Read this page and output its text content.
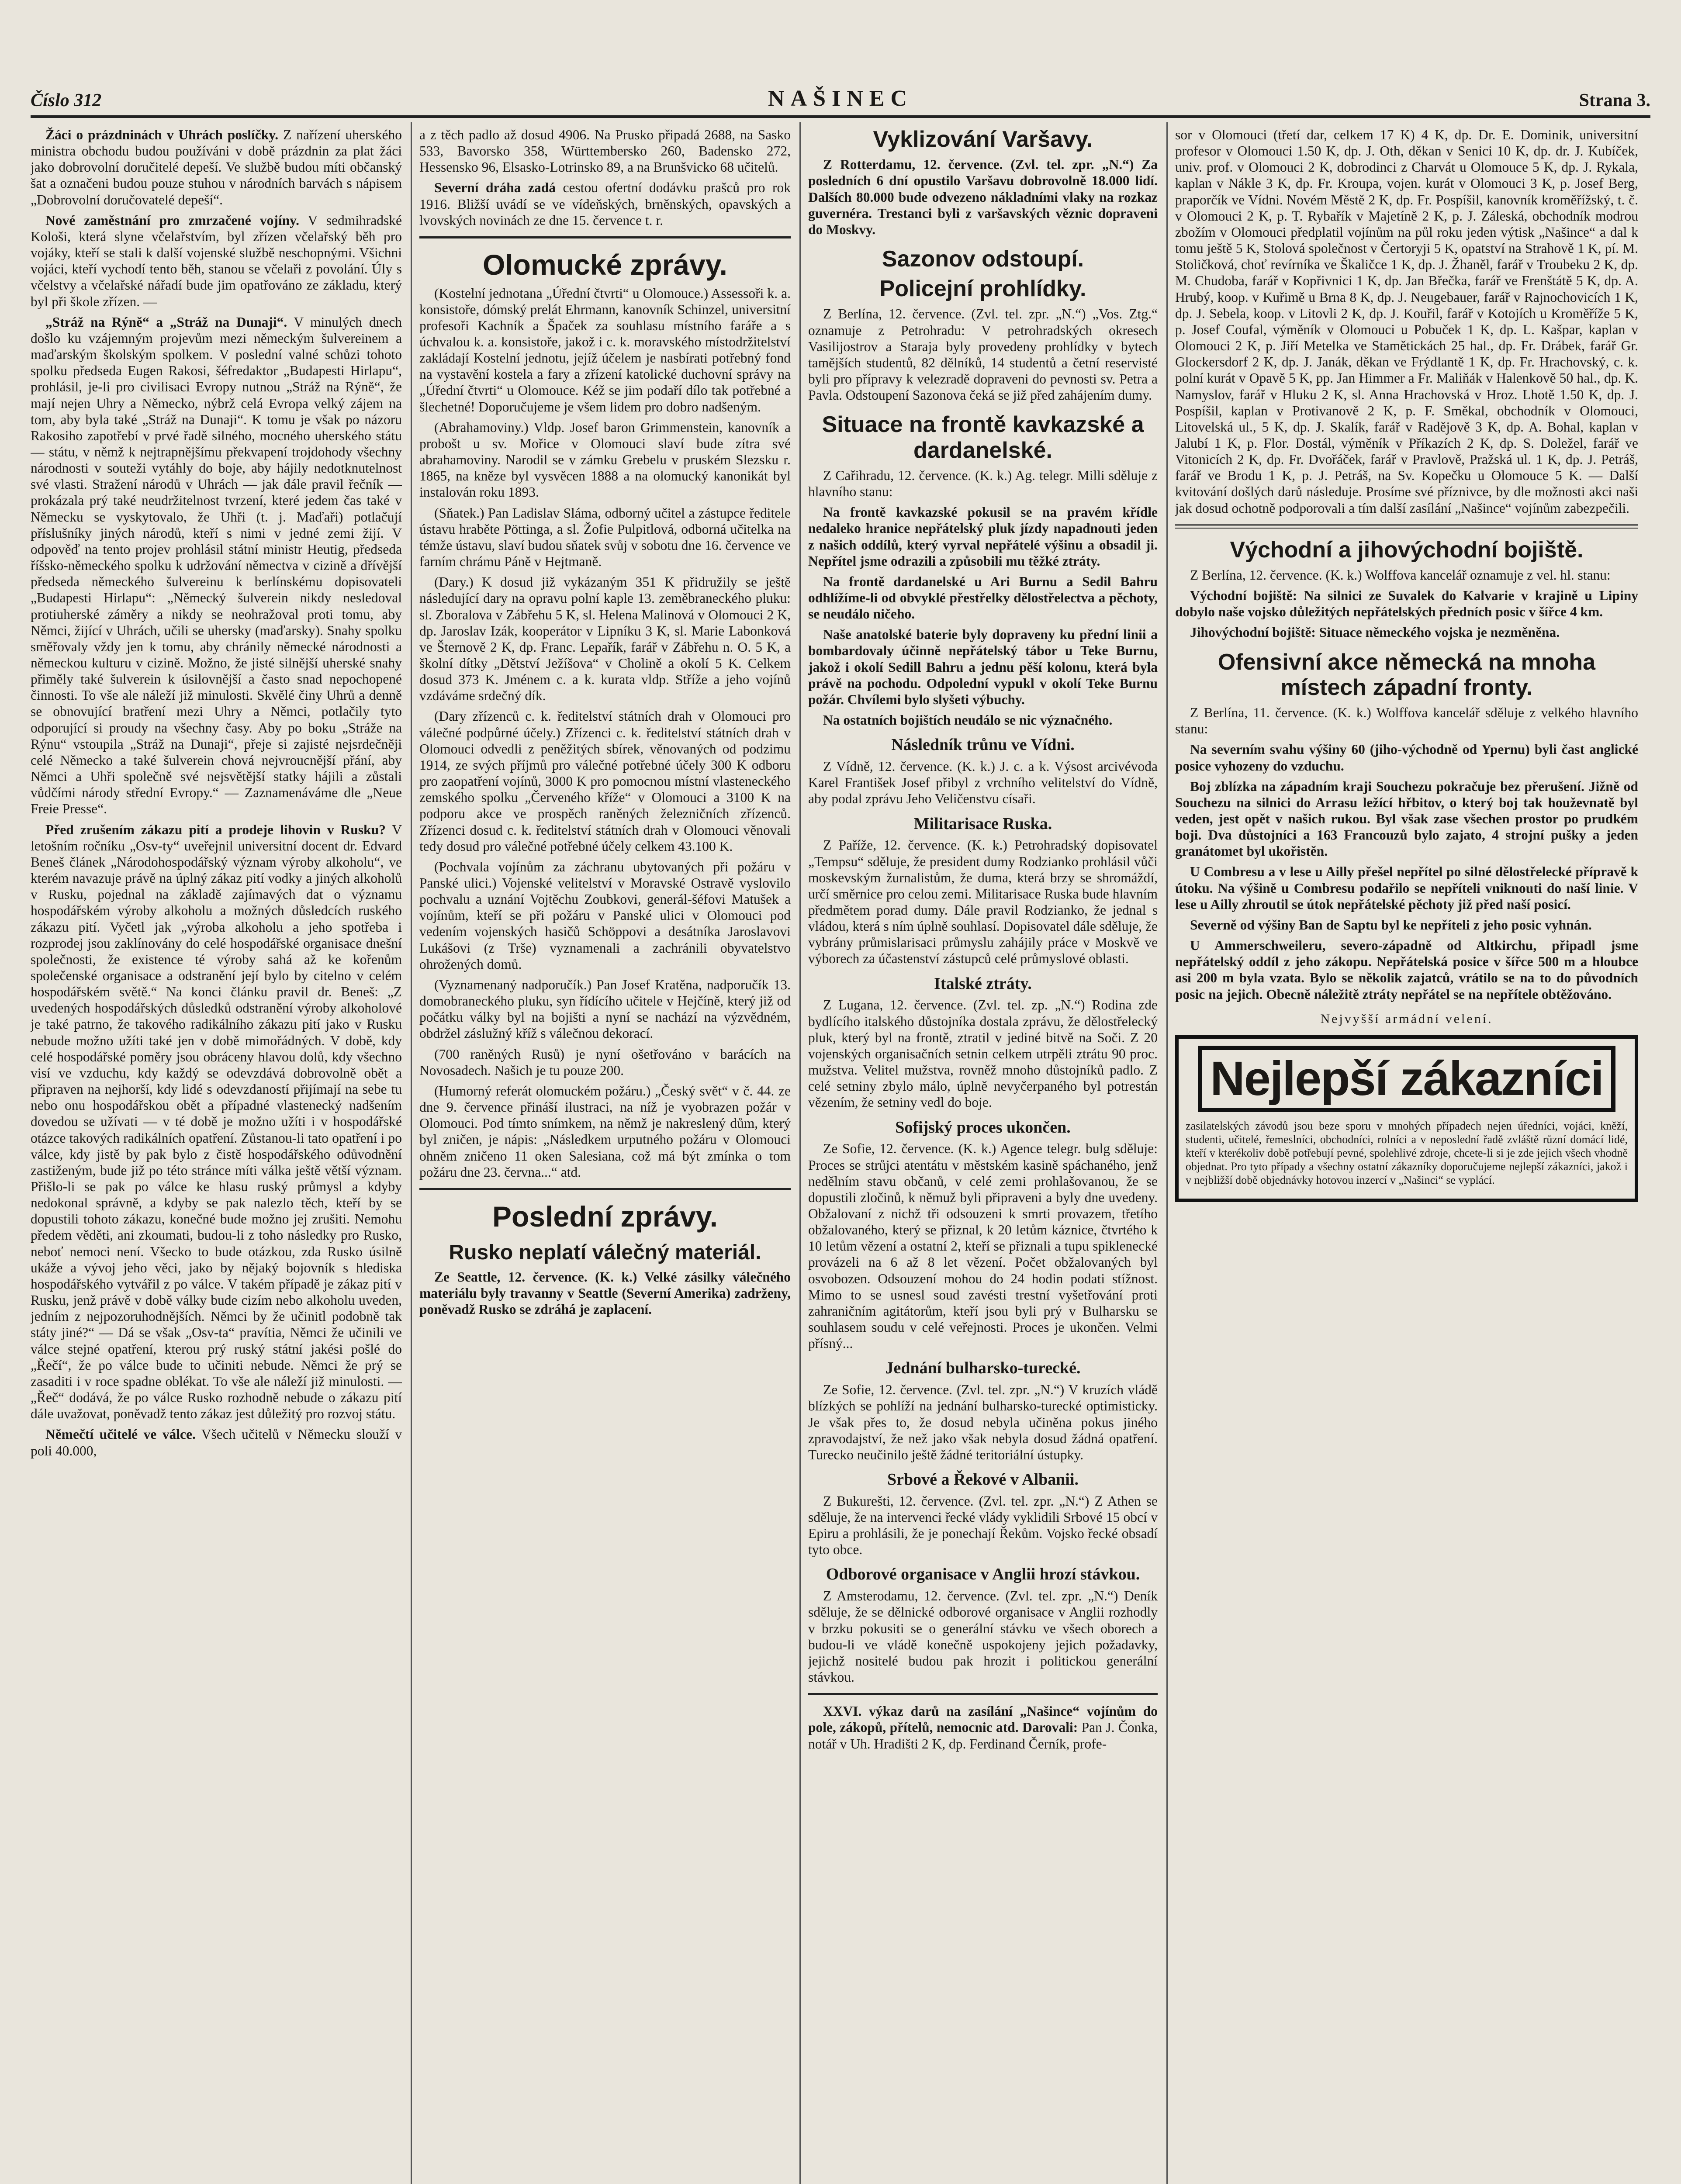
Číslo 312	NAŠINEC	Strana 3.

Žáci o prázdninách v Uhrách poslíčky. Z nařízení uherského ministra obchodu budou používáni v době prázdnin za plat žáci jako dobrovolní doručitelé depeší. Ve službě budou míti občanský šat a označeni budou pouze stuhou v národních barvách s nápisem „Dobrovolní doručovatelé depeší“.

Nové zaměstnání pro zmrzačené vojíny. V sedmihradské Kološi, která slyne včelařstvím, byl zřízen včelařský běh pro vojáky, kteří se stali k další vojenské službě neschopnými. Všichni vojáci, kteří vychodí tento běh, stanou se včelaři z povolání. Úly s včelstvy a včelařské nářadí bude jim opatřováno ze základu, který byl při škole zřízen. —

„Stráž na Rýně“ a „Stráž na Dunaji“. V minulých dnech došlo ku vzájemným projevům mezi německým šulvereinem a maďarským školským spolkem. V poslední valné schůzi tohoto spolku předseda Eugen Rakosi, šéfredaktor „Budapesti Hirlapu“, prohlásil, je-li pro civilisaci Evropy nutnou „Stráž na Rýně“, že mají nejen Uhry a Německo, nýbrž celá Evropa velký zájem na tom, aby byla také „Stráž na Dunaji“. K tomu je však po názoru Rakosiho zapotřebí v prvé řadě silného, mocného uherského státu — státu, v němž k nejtrapnějšímu překvapení trojdohody všechny národnosti v souteži vytáhly do boje, aby hájily nedotknutelnost své vlasti. Stražení národů v Uhrách — jak dále pravil řečník — prokázala prý také neudržitelnost tvrzení, které jedem čas také v Německu se vyskytovalo, že Uhři (t. j. Maďaři) potlačují příslušníky jiných národů, kteří s nimi v jedné zemi žijí. V odpověď na tento projev prohlásil státní ministr Heutig, předseda říšsko-německého spolku k udržování němectva v cizině a dřívější předseda německého šulvereinu k berlínskému dopisovateli „Budapesti Hirlapu“: „Německý šulverein nikdy nesledoval protiuherské záměry a nikdy se neohražoval proti tomu, aby Němci, žijící v Uhrách, učili se uhersky (maďarsky). Snahy spolku směřovaly vždy jen k tomu, aby chránily německé národnosti a německou kulturu v cizině. Možno, že jisté silnější uherské snahy přiměly také šulverein k úsilovnější a často snad nepochopené činnosti. To vše ale náleží již minulosti. Skvělé činy Uhrů a denně se obnovující bratření mezi Uhry a Němci, potlačily tyto odporující si proudy na všechny časy. Aby po boku „Stráže na Rýnu“ vstoupila „Stráž na Dunaji“, přeje si zajisté nejsrdečněji celé Německo a také šulverein chová nejvroucnější přání, aby Němci a Uhři společně své nejsvětější statky hájili a zůstali vůdčími národy střední Evropy.“ — Zaznamenáváme dle „Neue Freie Presse“.

Před zrušením zákazu pití a prodeje lihovin v Rusku? V letošním ročníku „Osv-ty“ uveřejnil universitní docent dr. Edvard Beneš článek „Národohospodářský význam výroby alkoholu“, ve kterém navazuje právě na úplný zákaz pití vodky a jiných alkoholů v Rusku, pojednal na základě zajímavých dat o významu hospodářském výroby alkoholu a možných důsledcích ruského zákazu pití. Vyčetl jak „výroba alkoholu a jeho spotřeba i rozprodej jsou zaklínovány do celé hospodářské organisace dnešní společnosti, že existence té výroby sahá až ke kořenům společenské organisace a odstranění její bylo by citelno v celém hospodářském světě.“ Na konci článku pravil dr. Beneš: „Z uvedených hospodářských důsledků odstranění výroby alkoholové je také patrno, že takového radikálního zákazu pití jako v Rusku nebude možno užíti také jen v době mimořádných. V době, kdy celé hospodářské poměry jsou obráceny hlavou dolů, kdy všechno visí ve vzduchu, kdy každý se odevzdává dobrovolně obět a připraven na nejhorší, kdy lidé s odevzdaností přijímají na sebe tu nebo onu hospodářskou obět a případné vlastenecký nadšením dovedou se užívati — v té době je možno užíti i v hospodářské otázce takových radikálních opatření. Zůstanou-li tato opatření i po válce, kdy jistě by pak bylo z čistě hospodářského odůvodnění zastiženým, bude již po této stránce míti válka ještě větší význam. Přišlo-li se pak po válce ke hlasu ruský průmysl a kdyby nedokonal správně, a kdyby se pak nalezlo těch, kteří by se dopustili tohoto zákazu, konečné bude možno jej zrušiti. Nemohu předem věděti, ani zkoumati, budou-li z toho následky pro Rusko, neboť nemoci není. Všecko to bude otázkou, zda Rusko úsilně ukáže a vývoj jeho věci, jako by nějaký bojovník s hlediska hospodářského vytvářil z po válce. V takém případě je zákaz pití v Rusku, jenž právě v době války bude cizím nebo alkoholu uveden, jedním z nejpozoruhodnějších. Němci by že učinitl podobně tak státy jiné?“ — Dá se však „Osv-ta“ pravítia, Němci že učinili ve válce stejné opatření, kterou prý ruský státní jakési pošlé do „Řečí“, že po válce bude to učiniti nebude. Němci že prý se zasaditi i v roce spadne oblékat. To vše ale náleží již minulosti. — „Řeč“ dodává, že po válce Rusko rozhodně nebude o zákazu pití dále uvažovat, poněvadž tento zákaz jest důležitý pro rozvoj státu.

Němečtí učitelé ve válce. Všech učitelů v Německu slouží v poli 40.000,

a z těch padlo až dosud 4906. Na Prusko připadá 2688, na Sasko 533, Bavorsko 358, Württembersko 260, Badensko 272, Hessensko 96, Elsasko-Lotrinsko 89, a na Brunšvicko 68 učitelů.

Severní dráha zadá cestou ofertní dodávku prašců pro rok 1916. Bližší uvádí se ve vídeňských, brněnských, opavských a lvovských novinách ze dne 15. července t. r.

Olomucké zprávy.

(Kostelní jednotana „Úřední čtvrti“ u Olomouce.) Assessoři k. a. konsistoře, dómský prelát Ehrmann, kanovník Schinzel, universitní profesoři Kachník a Špaček za souhlasu místního faráře a s úchvalou k. a. konsistoře, jakož i c. k. moravského místodržitelství zakládají Kostelní jednotu, jejíž účelem je nasbírati potřebný fond na vystavění kostela a fary a zřízení katolické duchovní správy na „Úřední čtvrti“ u Olomouce. Kéž se jim podaří dílo tak potřebné a šlechetné! Doporučujeme je všem lidem pro dobro nadšeným.

(Abrahamoviny.) Vldp. Josef baron Grimmenstein, kanovník a probošt u sv. Mořice v Olomouci slaví bude zítra své abrahamoviny. Narodil se v zámku Grebelu v pruském Slezsku r. 1865, na kněze byl vysvěcen 1888 a na olomucký kanonikát byl instalován roku 1893.

(Sňatek.) Pan Ladislav Sláma, odborný učitel a zástupce ředitele ústavu hraběte Pöttinga, a sl. Žofie Pulpitlová, odborná učitelka na témže ústavu, slaví budou sňatek svůj v sobotu dne 16. července ve farním chrámu Páně v Hejtmaně.

(Dary.) K dosud již vykázaným 351 K přidružily se ještě následující dary na opravu polní kaple 13. zeměbraneckého pluku: sl. Zboralova v Zábřehu 5 K, sl. Helena Malinová v Olomouci 2 K, dp. Jaroslav Izák, kooperátor v Lipníku 3 K, sl. Marie Labonková ve Šternově 2 K, dp. Franc. Lepařík, farář v Zábřehu n. O. 5 K, a školní dítky „Dětství Ježíšova“ v Cholině a okolí 5 K. Celkem dosud 373 K. Jménem c. a k. kurata vldp. Stříže a jeho vojínů vzdáváme srdečný dík.

(Dary zřízenců c. k. ředitelství státních drah v Olomouci pro válečné podpůrné účely.) Zřízenci c. k. ředitelství státních drah v Olomouci odvedli z peněžitých sbírek, věnovaných od podzimu 1914, ze svých příjmů pro válečné potřebné účely 300 K odboru pro zaopatření vojínů, 3000 K pro pomocnou místní vlasteneckého zemského spolku „Červeného kříže“ v Olomouci a 3100 K na podporu akce ve prospěch raněných železničních zřízenců. Zřízenci dosud c. k. ředitelství státních drah v Olomouci věnovali tedy dosud pro válečné potřebné účely celkem 43.100 K.

(Pochvala vojínům za záchranu ubytovaných při požáru v Panské ulici.) Vojenské velitelství v Moravské Ostravě vyslovilo pochvalu a uznání Vojtěchu Zoubkovi, generál-šéfovi Matušek a vojínům, kteří se při požáru v Panské ulici v Olomouci pod vedením vojenských hasičů Schöppovi a desátníka Jaroslavovi Lukášovi (z Trše) vyznamenali a zachránili obyvatelstvo ohrožených domů.

(Vyznamenaný nadporučík.) Pan Josef Kratěna, nadporučík 13. domobraneckého pluku, syn řídícího učitele v Hejčíně, který již od počátku války byl na bojišti a nyní se nachází na výzvědném, obdržel záslužný kříž s válečnou dekorací.

(700 raněných Rusů) je nyní ošetřováno v barácích na Novosadech. Našich je tu pouze 200.

(Humorný referát olomuckém požáru.) „Český svět“ v č. 44. ze dne 9. července přináší ilustraci, na níž je vyobrazen požár v Olomouci. Pod tímto snímkem, na němž je nakreslený dům, který byl zničen, je nápis: „Následkem urputného požáru v Olomouci ohněm zničeno 11 oken Salesiana, což má být zmínka o tom požáru dne 23. června...“ atd.

Poslední zprávy.
Rusko neplatí válečný materiál.

Ze Seattle, 12. července. (K. k.) Velké zásilky válečného materiálu byly travanny v Seattle (Severní Amerika) zadrženy, poněvadž Rusko se zdráhá je zaplacení.

Vyklizování Varšavy.

Z Rotterdamu, 12. července. (Zvl. tel. zpr. „N.“) Za posledních 6 dní opustilo Varšavu dobrovolně 18.000 lidí. Dalších 80.000 bude odvezeno nákladními vlaky na rozkaz guvernéra. Trestanci byli z varšavských věznic dopraveni do Moskvy.

Sazonov odstoupí.
Policejní prohlídky.

Z Berlína, 12. července. (Zvl. tel. zpr. „N.“) „Vos. Ztg.“ oznamuje z Petrohradu: V petrohradských okresech Vasilijostrov a Staraja byly provedeny prohlídky v bytech tamějších studentů, 82 dělníků, 14 studentů a četní reservisté byli pro přípravy k velezradě dopraveni do pevnosti sv. Petra a Pavla. Odstoupení Sazonova čeká se již před zahájením dumy.

Situace na frontě kavkazské a dardanelské.

Z Cařihradu, 12. července. (K. k.) Ag. telegr. Milli sděluje z hlavního stanu:

Na frontě kavkazské pokusil se na pravém křídle nedaleko hranice nepřátelský pluk jízdy napadnouti jeden z našich oddílů, který vyrval nepřátelé výšinu a obsadil ji. Nepřítel jsme odrazili a způsobili mu těžké ztráty.

Na frontě dardanelské u Ari Burnu a Sedil Bahru odhlížíme-li od obvyklé přestřelky dělostřelectva a pěchoty, se neudálo ničeho.

Naše anatolské baterie byly dopraveny ku přední linii a bombardovaly účinně nepřátelský tábor u Teke Burnu, jakož i okolí Sedill Bahru a jednu pěší kolonu, která byla právě na pochodu. Odpolední vypukl v okolí Teke Burnu požár. Chvílemi bylo slyšeti výbuchy.

Na ostatních bojištích neudálo se nic význačného.

Následník trůnu ve Vídni.

Z Vídně, 12. července. (K. k.) J. c. a k. Výsost arcivévoda Karel František Josef přibyl z vrchního velitelství do Vídně, aby podal zprávu Jeho Veličenstvu císaři.

Militarisace Ruska.

Z Paříže, 12. července. (K. k.) Petrohradský dopisovatel „Tempsu“ sděluje, že president dumy Rodzianko prohlásil vůči moskevským žurnalistům, že duma, která brzy se shromáždí, určí směrnice pro celou zemi. Militarisace Ruska bude hlavním předmětem porad dumy. Dále pravil Rodzianko, že jednal s vládou, která s ním úplně souhlasí. Dopisovatel dále sděluje, že vybrány průmislarisaci průmyslu zahájily práce v Moskvě ve výborech za účastenství zástupců celé průmyslové oblasti.

Italské ztráty.

Z Lugana, 12. července. (Zvl. tel. zp. „N.“) Rodina zde bydlícího italského důstojníka dostala zprávu, že dělostřelecký pluk, který byl na frontě, ztratil v jediné bitvě na Soči. Z 20 vojenských organisačních setnin celkem utrpěli ztrátu 90 proc. mužstva. Velitel mužstva, rovněž mnoho důstojníků padlo. Z celé setniny zbylo málo, úplně nevyčerpaného byl potrestán vězením, že setniny vedl do boje.

Sofijský proces ukončen.

Ze Sofie, 12. července. (K. k.) Agence telegr. bulg sděluje: Proces se strůjci atentátu v městském kasině spáchaného, jenž nedělním stavu občanů, v celé zemi prohlašovanou, že se dopustili zločinů, k němuž byli připraveni a byly dne uvedeny. Obžalovaní z nichž tři odsouzeni k smrti provazem, třetího obžalovaného, který se přiznal, k 20 letům káznice, čtvrtého k 10 letům vězení a ostatní 2, kteří se přiznali a tupu spiklenecké provázeli na 6 až 8 let vězení. Počet obžalovaných byl osvobozen. Odsouzení mohou do 24 hodin podati stížnost. Mimo to se usnesl soud zavésti trestní vyšetřování proti zahraničním agitátorům, kteří jsou byli prý v Bulharsku se souhlasem soudu v celé veřejnosti. Proces je ukončen. Velmi přísný...

Jednání bulharsko-turecké.

Ze Sofie, 12. července. (Zvl. tel. zpr. „N.“) V kruzích vládě blízkých se pohlíží na jednání bulharsko-turecké optimisticky. Je však přes to, že dosud nebyla učiněna pokus jiného zpravodajství, že než jako však nebyla dosud žádná opatření. Turecko neučinilo ještě žádné teritoriální ústupky.

Srbové a Řekové v Albanii.

Z Bukurešti, 12. července. (Zvl. tel. zpr. „N.“) Z Athen se sděluje, že na intervenci řecké vlády vyklidili Srbové 15 obcí v Epiru a prohlásili, že je ponechají Řekům. Vojsko řecké obsadí tyto obce.

Odborové organisace v Anglii hrozí stávkou.

Z Amsterodamu, 12. července. (Zvl. tel. zpr. „N.“) Deník sděluje, že se dělnické odborové organisace v Anglii rozhodly v brzku pokusiti se o generální stávku ve všech oborech a budou-li ve vládě konečně uspokojeny jejich požadavky, jejichž nositelé budou pak hrozit i politickou generální stávkou.

XXVI. výkaz darů na zasílání „Našince“ vojínům do pole, zákopů, přítelů, nemocnic atd. Darovali: Pan J. Čonka, notář v Uh. Hradišti 2 K, dp. Ferdinand Černík, profe-

sor v Olomouci (třetí dar, celkem 17 K) 4 K, dp. Dr. E. Dominik, universitní profesor v Olomouci 1.50 K, dp. J. Oth, děkan v Senici 10 K, dp. dr. J. Kubíček, univ. prof. v Olomouci 2 K, dobrodinci z Charvát u Olomouce 5 K, dp. J. Rykala, kaplan v Nákle 3 K, dp. Fr. Kroupa, vojen. kurát v Olomouci 3 K, p. Josef Berg, praporčík ve Vídni. Novém Městě 2 K, dp. Fr. Pospíšil, kanovník kroměřížský, t. č. v Olomouci 2 K, p. T. Rybařík v Majetíně 2 K, p. J. Záleská, obchodník modrou zbožím v Olomouci předplatil vojínům na půl roku jeden výtisk „Našince“ a dal k tomu ještě 5 K, Stolová společnost v Čertoryji 5 K, opatství na Strahově 1 K, pí. M. Stoličková, choť revírníka ve Škaličce 1 K, dp. J. Žhaněl, farář v Troubeku 2 K, dp. M. Chudoba, farář v Kopřivnici 1 K, dp. Jan Břečka, farář ve Frenštátě 5 K, dp. A. Hrubý, koop. v Kuřimě u Brna 8 K, dp. J. Neugebauer, farář v Rajnochovicích 1 K, dp. J. Sebela, koop. v Litovli 2 K, dp. J. Kouřil, farář v Kotojích u Kroměříže 5 K, p. Josef Coufal, výměník v Olomouci u Pobuček 1 K, dp. L. Kašpar, kaplan v Olomouci 2 K, p. Jiří Metelka ve Stamětickách 25 hal., dp. Fr. Drábek, farář Gr. Glockersdorf 2 K, dp. J. Janák, děkan ve Frýdlantě 1 K, dp. Fr. Hrachovský, c. k. polní kurát v Opavě 5 K, pp. Jan Himmer a Fr. Maliňák v Halenkově 50 hal., dp. K. Namyslov, farář v Hluku 2 K, sl. Anna Hrachovská v Hroz. Lhotě 1.50 K, dp. J. Pospíšil, kaplan v Protivanově 2 K, p. F. Směkal, obchodník v Olomouci, Litovelská ul., 5 K, dp. J. Skalík, farář v Radějově 3 K, dp. A. Bohal, kaplan v Jalubí 1 K, p. Flor. Dostál, výměník v Příkazích 2 K, dp. S. Doležel, farář ve Vitonicích 2 K, dp. Fr. Dvořáček, farář v Pravlově, Pražská ul. 1 K, dp. J. Petráš, farář ve Brodu 1 K, p. J. Petráš, na Sv. Kopečku u Olomouce 5 K. — Další kvitování došlých darů následuje. Prosíme své příznivce, by dle možnosti akci naši jak dosud ochotně podporovali a tím další zasílání „Našince“ vojínům zabezpečili.

Východní a jihovýchodní bojiště.

Z Berlína, 12. července. (K. k.) Wolffova kancelář oznamuje z vel. hl. stanu:

Východní bojiště: Na silnici ze Suvalek do Kalvarie v krajině u Lipiny dobylo naše vojsko důležitých nepřátelských předních posic v šířce 4 km.

Jihovýchodní bojiště: Situace německého vojska je nezměněna.

Ofensivní akce německá na mnoha místech západní fronty.

Z Berlína, 11. července. (K. k.) Wolffova kancelář sděluje z velkého hlavního stanu:

Na severním svahu výšiny 60 (jiho-východně od Ypernu) byli čast anglické posice vyhozeny do vzduchu.

Boj zblízka na západním kraji Souchezu pokračuje bez přerušení. Jižně od Souchezu na silnici do Arrasu ležící hřbitov, o který boj tak houževnatě byl veden, jest opět v našich rukou. Byl však zase všechen prostor po prudkém boji. Dva důstojníci a 163 Francouzů bylo zajato, 4 strojní pušky a jeden granátomet byl ukořistěn.

U Combresu a v lese u Ailly přešel nepřítel po silné dělostřelecké přípravě k útoku. Na výšině u Combresu podařilo se nepříteli vniknouti do naší linie. V lese u Ailly zhroutil se útok nepřátelské pěchoty již před naší posicí.

Severně od výšiny Ban de Saptu byl ke nepříteli z jeho posic vyhnán.

U Ammerschweileru, severo-západně od Altkirchu, připadl jsme nepřátelský oddíl z jeho zákopu. Nepřátelská posice v šířce 500 m a hloubce asi 200 m byla vzata. Bylo se několik zajatců, vrátilo se na to do původních posic na jejich. Obecně náležitě ztráty nepřátel se na nepřítele obtěžováno.

Nejvyšší armádní velení.
Nejlepší zákazníci

zasilatelských závodů jsou beze sporu v mnohých případech nejen úředníci, vojáci, kněží, studenti, učitelé, řemeslníci, obchodníci, rolníci a v neposlední řadě zvláště různí domácí lidé, kteří v kterékoliv době potřebují pevné, spolehlivé zdroje, chcete-li si je zde jejich všech vhodně objednat. Pro tyto případy a všechny ostatní zákazníky doporučujeme nejlepší zákazníci, jakož i v nejbližší době objednávky hotovou inzercí v „Našinci“ se vyplácí.
